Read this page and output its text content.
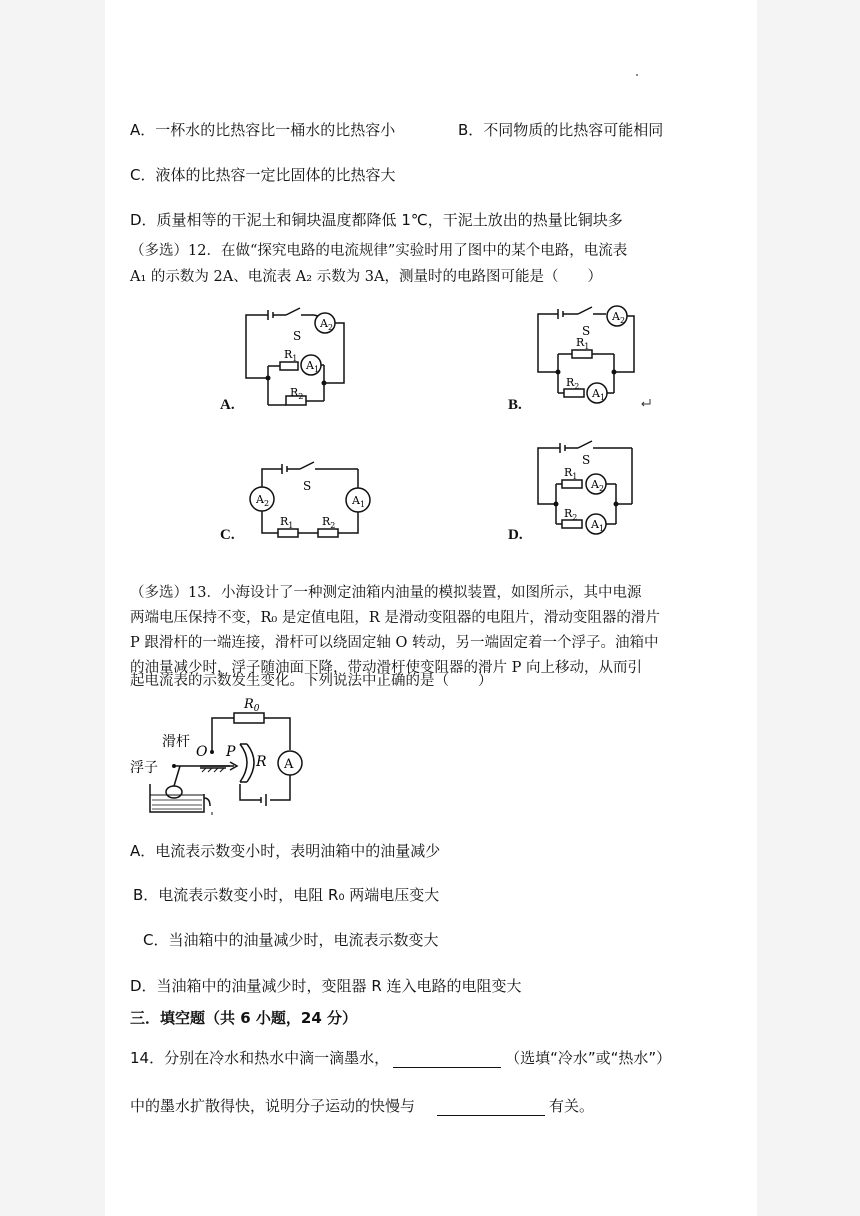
A．一杯水的比热容比一桶水的比热容小	B．不同物质的比热容可能相同
C．液体的比热容一定比固体的比热容大
D．质量相等的干泥土和铜块温度都降低 1℃，干泥土放出的热量比铜块多
（多选）12．在做“探究电路的电流规律”实验时用了图中的某个电路，电流表
A₁ 的示数为 2A、电流表 A₂ 示数为 3A，测量时的电路图可能是（　　）
$A_2$
$A_1$
S
$R_1$
$R_2$
A.
$A_2$
$A_1$
S
$R_1$
$R_2$
B.
$A_2$	$A_1$
S
$R_1$	$R_2$
C.
$A_2$
$A_1$
S
$R_1$
$R_2$
D.
（多选）13．小海设计了一种测定油箱内油量的模拟装置，如图所示，其中电源
两端电压保持不变，R₀ 是定值电阻，R 是滑动变阻器的电阻片，滑动变阻器的滑片
P 跟滑杆的一端连接，滑杆可以绕固定轴 O 转动，另一端固定着一个浮子。油箱中
的油量减少时，浮子随油面下降，带动滑杆使变阻器的滑片 P 向上移动，从而引
起电流表的示数发生变化。下列说法中正确的是（　　）
$R_0$
滑杆
O P
R A
浮子
A．电流表示数变小时，表明油箱中的油量减少
B．电流表示数变小时，电阻 R₀ 两端电压变大
C．当油箱中的油量减少时，电流表示数变大
D．当油箱中的油量减少时，变阻器 R 连入电路的电阻变大
三．填空题（共 6 小题，24 分）
14．分别在冷水和热水中滴一滴墨水，	（选填“冷水”或“热水”）
中的墨水扩散得快，说明分子运动的快慢与	有关。
